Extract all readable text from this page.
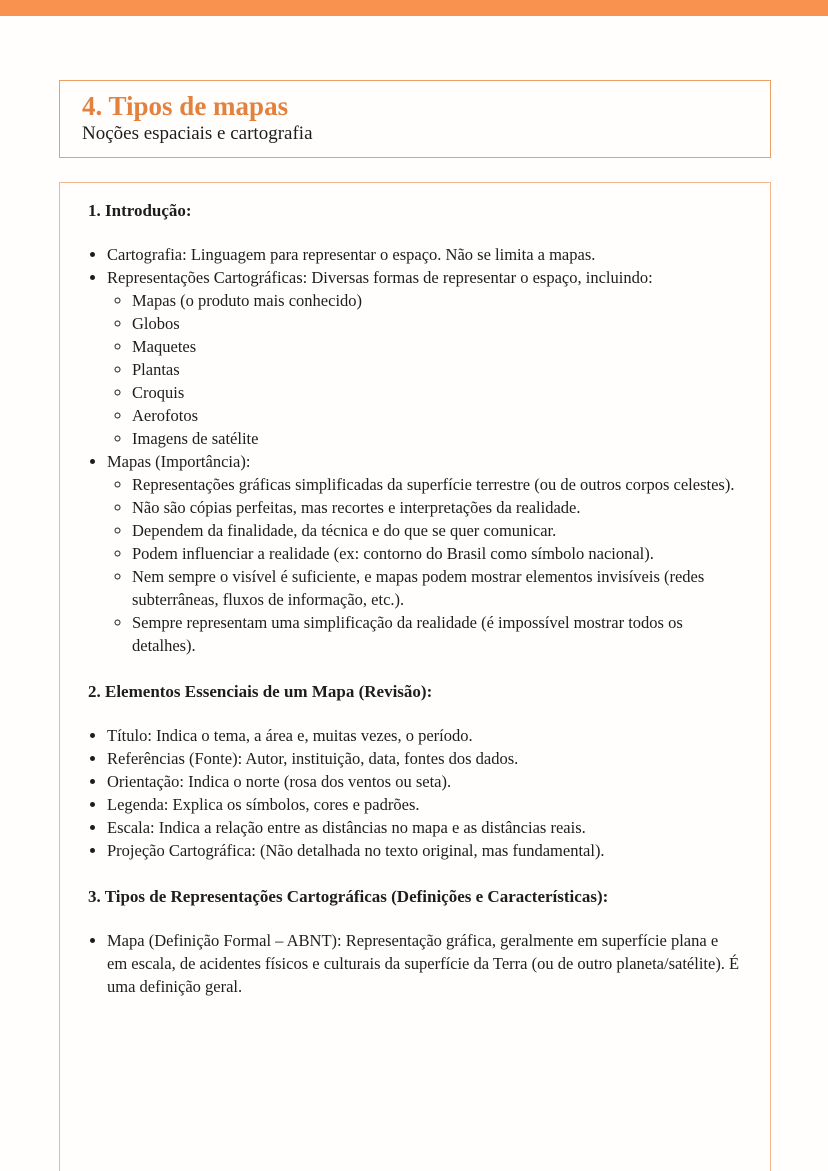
4. Tipos de mapas

Noções espaciais e cartografia

1. Introdução:
• Cartografia: Linguagem para representar o espaço. Não se limita a mapas.
• Representações Cartográficas: Diversas formas de representar o espaço, incluindo:
◦ Mapas (o produto mais conhecido)
◦ Globos
◦ Maquetes
◦ Plantas
◦ Croquis
◦ Aerofotos
◦ Imagens de satélite
• Mapas (Importância):
◦ Representações gráficas simplificadas da superfície terrestre (ou de outros corpos celestes).
◦ Não são cópias perfeitas, mas recortes e interpretações da realidade.
◦ Dependem da finalidade, da técnica e do que se quer comunicar.
◦ Podem influenciar a realidade (ex: contorno do Brasil como símbolo nacional).
◦ Nem sempre o visível é suficiente, e mapas podem mostrar elementos invisíveis (redes subterrâneas, fluxos de informação, etc.).
◦ Sempre representam uma simplificação da realidade (é impossível mostrar todos os detalhes).
2. Elementos Essenciais de um Mapa (Revisão):
• Título: Indica o tema, a área e, muitas vezes, o período.
• Referências (Fonte): Autor, instituição, data, fontes dos dados.
• Orientação: Indica o norte (rosa dos ventos ou seta).
• Legenda: Explica os símbolos, cores e padrões.
• Escala: Indica a relação entre as distâncias no mapa e as distâncias reais.
• Projeção Cartográfica: (Não detalhada no texto original, mas fundamental).
3. Tipos de Representações Cartográficas (Definições e Características):
• Mapa (Definição Formal – ABNT): Representação gráfica, geralmente em superfície plana e em escala, de acidentes físicos e culturais da superfície da Terra (ou de outro planeta/satélite). É uma definição geral.
